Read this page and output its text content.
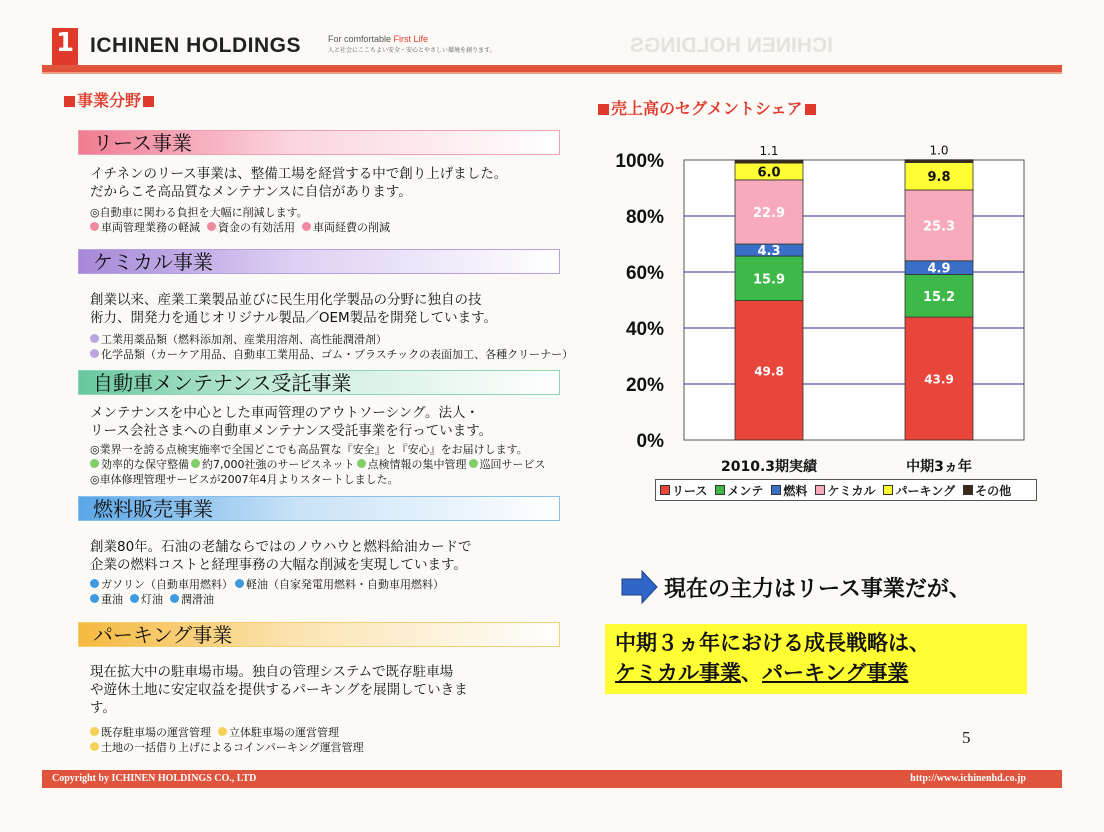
ICHINEN HOLDINGS
1 ICHINEN HOLDINGS	For comfortable First Life
人と社会にここちよい安全・安心とやさしい環境を創ります。
事業分野
リース事業
イチネンのリース事業は、整備工場を経営する中で創り上げました。
だからこそ高品質なメンテナンスに自信があります。
◎自動車に関わる負担を大幅に削減します。
車両管理業務の軽減 資金の有効活用 車両経費の削減
ケミカル事業
創業以来、産業工業製品並びに民生用化学製品の分野に独自の技
術力、開発力を通じオリジナル製品／OEM製品を開発しています。
工業用薬品類（燃料添加剤、産業用溶剤、高性能潤滑剤）
化学品類（カーケア用品、自動車工業用品、ゴム・プラスチックの表面加工、各種クリーナー）
自動車メンテナンス受託事業
メンテナンスを中心とした車両管理のアウトソーシング。法人・
リース会社さまへの自動車メンテナンス受託事業を行っています。
◎業界一を誇る点検実施率で全国どこでも高品質な『安全』と『安心』をお届けします。
効率的な保守整備 約7,000社強のサービスネット 点検情報の集中管理 巡回サービス
◎車体修理管理サービスが2007年4月よりスタートしました。
燃料販売事業
創業80年。石油の老舗ならではのノウハウと燃料給油カードで
企業の燃料コストと経理事務の大幅な削減を実現しています。
ガソリン（自動車用燃料） 軽油（自家発電用燃料・自動車用燃料）
重油 灯油 潤滑油
パーキング事業
現在拡大中の駐車場市場。独自の管理システムで既存駐車場
や遊休土地に安定収益を提供するパーキングを展開していきま
す。
既存駐車場の運営管理 立体駐車場の運営管理
土地の一括借り上げによるコインパーキング運営管理
売上高のセグメントシェア
0%
20%
40%
60%
80%
100%
49.8
15.9
4.3
22.9
6.0
1.1
2010.3期実績
43.9
15.2
4.9
25.3
9.8
1.0
中期3ヵ年
リース メンテ 燃料 ケミカル パーキング その他
現在の主力はリース事業だが、
中期３ヵ年における成長戦略は、
ケミカル事業、パーキング事業
5
Copyright by ICHINEN HOLDINGS CO., LTD	http://www.ichinenhd.co.jp
